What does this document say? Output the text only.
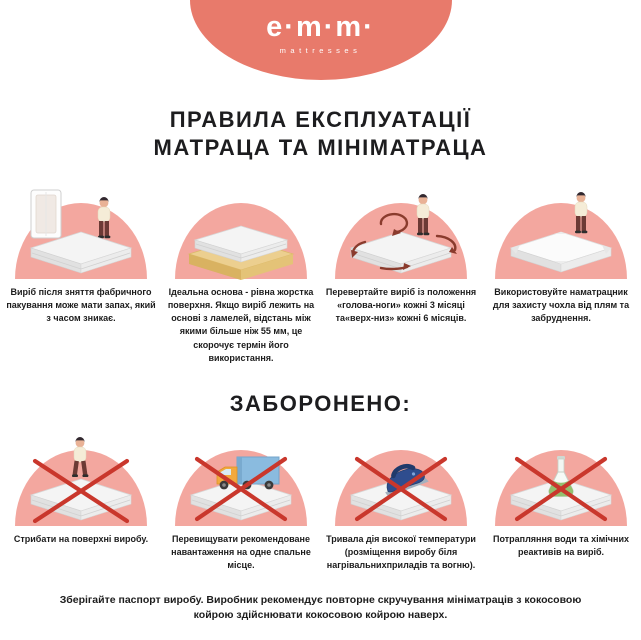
e·m·m·
mattresses
ПРАВИЛА ЕКСПЛУАТАЦІЇ
МАТРАЦА ТА МІНІМАТРАЦА
Виріб після зняття фабричного пакування може мати запах, який з часом зникає.
Ідеальна основа - рівна жорстка поверхня. Якщо виріб лежить на основі з ламелей, відстань між якими більше ніж 55 мм, це скорочує термін його використання.
Перевертайте виріб із положення «голова-ноги» кожні 3 місяці та«верх-низ» кожні 6 місяців.
Використовуйте наматрацник для захисту чохла від плям та забруднення.
ЗАБОРОНЕНО:
Стрибати на поверхні виробу.	Перевищувати рекомендоване навантаження на одне спальне місце.
Тривала дія високої температури (розміщення виробу біля нагрівальнихприладів та вогню).
Потрапляння води та хімічних реактивів на виріб.
Зберігайте паспорт виробу. Виробник рекомендує повторне скручування мініматраців з кокосовою койрою здійснювати кокосовою койрою наверх.
